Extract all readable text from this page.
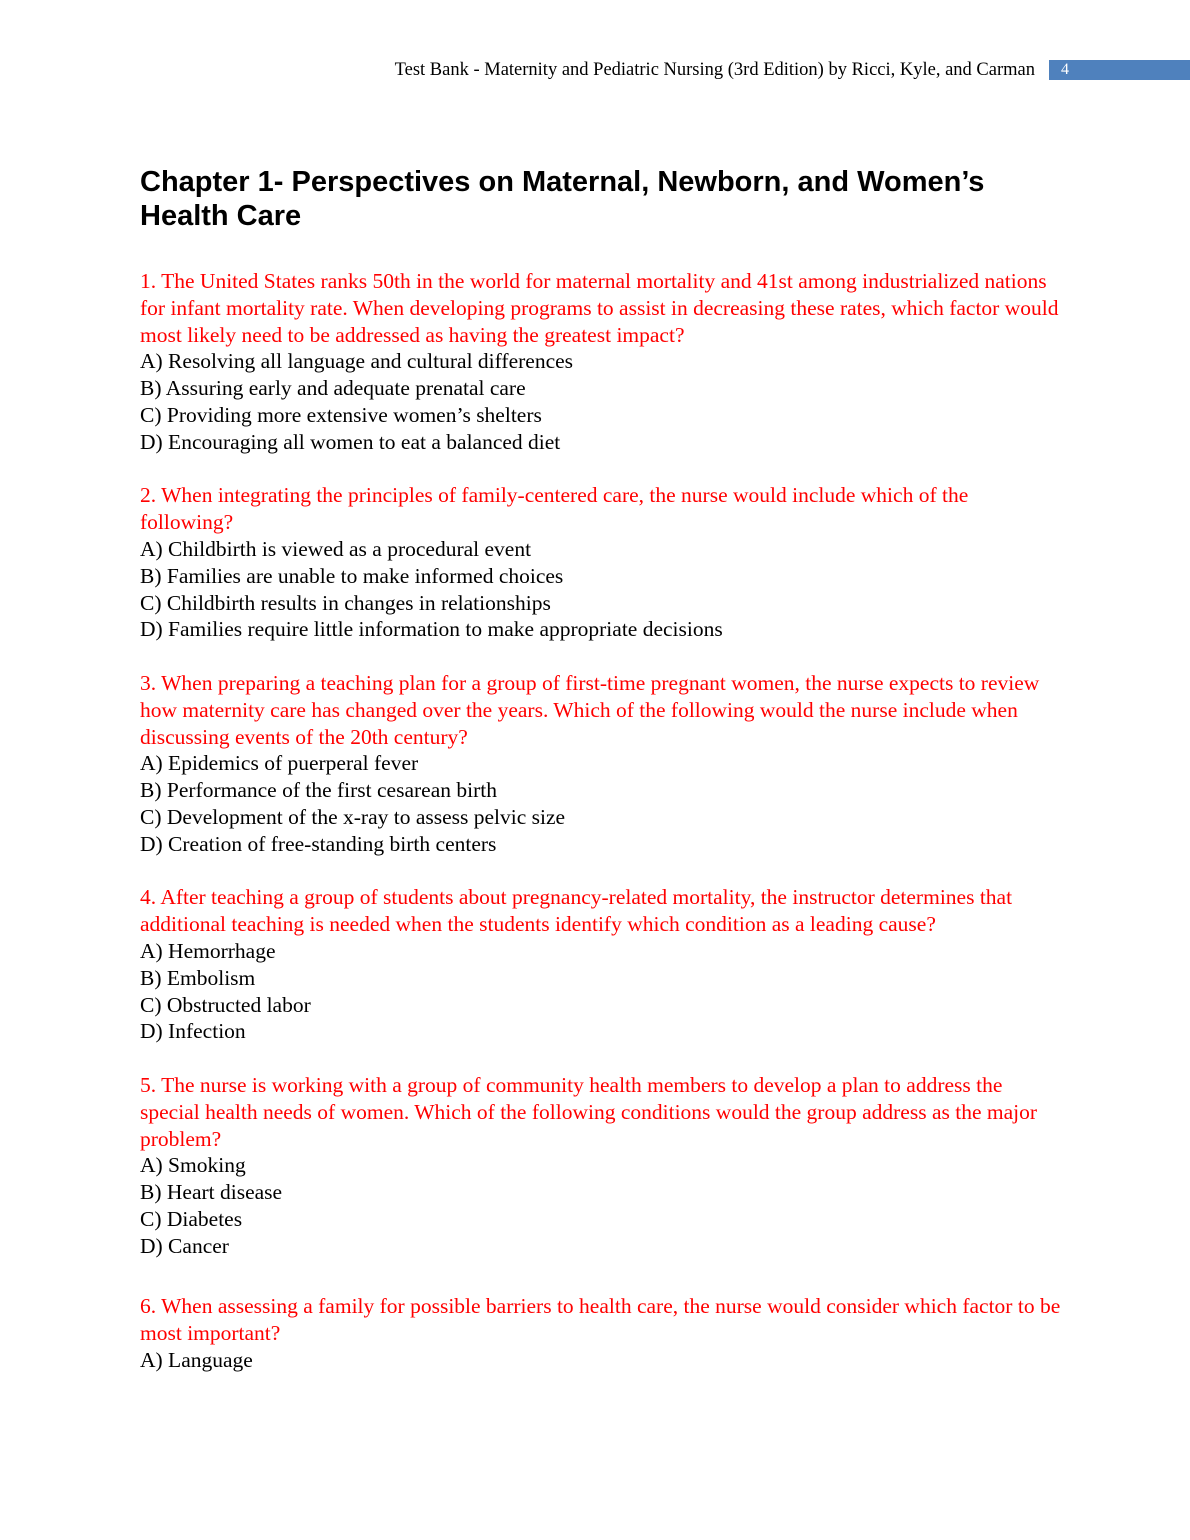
Test Bank - Maternity and Pediatric Nursing (3rd Edition) by Ricci, Kyle, and Carman	4
Chapter 1- Perspectives on Maternal, Newborn, and Women’s Health Care
1. The United States ranks 50th in the world for maternal mortality and 41st among industrialized nations for infant mortality rate. When developing programs to assist in decreasing these rates, which factor would most likely need to be addressed as having the greatest impact?
A) Resolving all language and cultural differences
B) Assuring early and adequate prenatal care
C) Providing more extensive women’s shelters
D) Encouraging all women to eat a balanced diet
2. When integrating the principles of family-centered care, the nurse would include which of the following?
A) Childbirth is viewed as a procedural event
B) Families are unable to make informed choices
C) Childbirth results in changes in relationships
D) Families require little information to make appropriate decisions
3. When preparing a teaching plan for a group of first-time pregnant women, the nurse expects to review how maternity care has changed over the years. Which of the following would the nurse include when discussing events of the 20th century?
A) Epidemics of puerperal fever
B) Performance of the first cesarean birth
C) Development of the x-ray to assess pelvic size
D) Creation of free-standing birth centers
4. After teaching a group of students about pregnancy-related mortality, the instructor determines that additional teaching is needed when the students identify which condition as a leading cause?
A) Hemorrhage
B) Embolism
C) Obstructed labor
D) Infection
5. The nurse is working with a group of community health members to develop a plan to address the special health needs of women. Which of the following conditions would the group address as the major problem?
A) Smoking
B) Heart disease
C) Diabetes
D) Cancer
6. When assessing a family for possible barriers to health care, the nurse would consider which factor to be most important?
A) Language
